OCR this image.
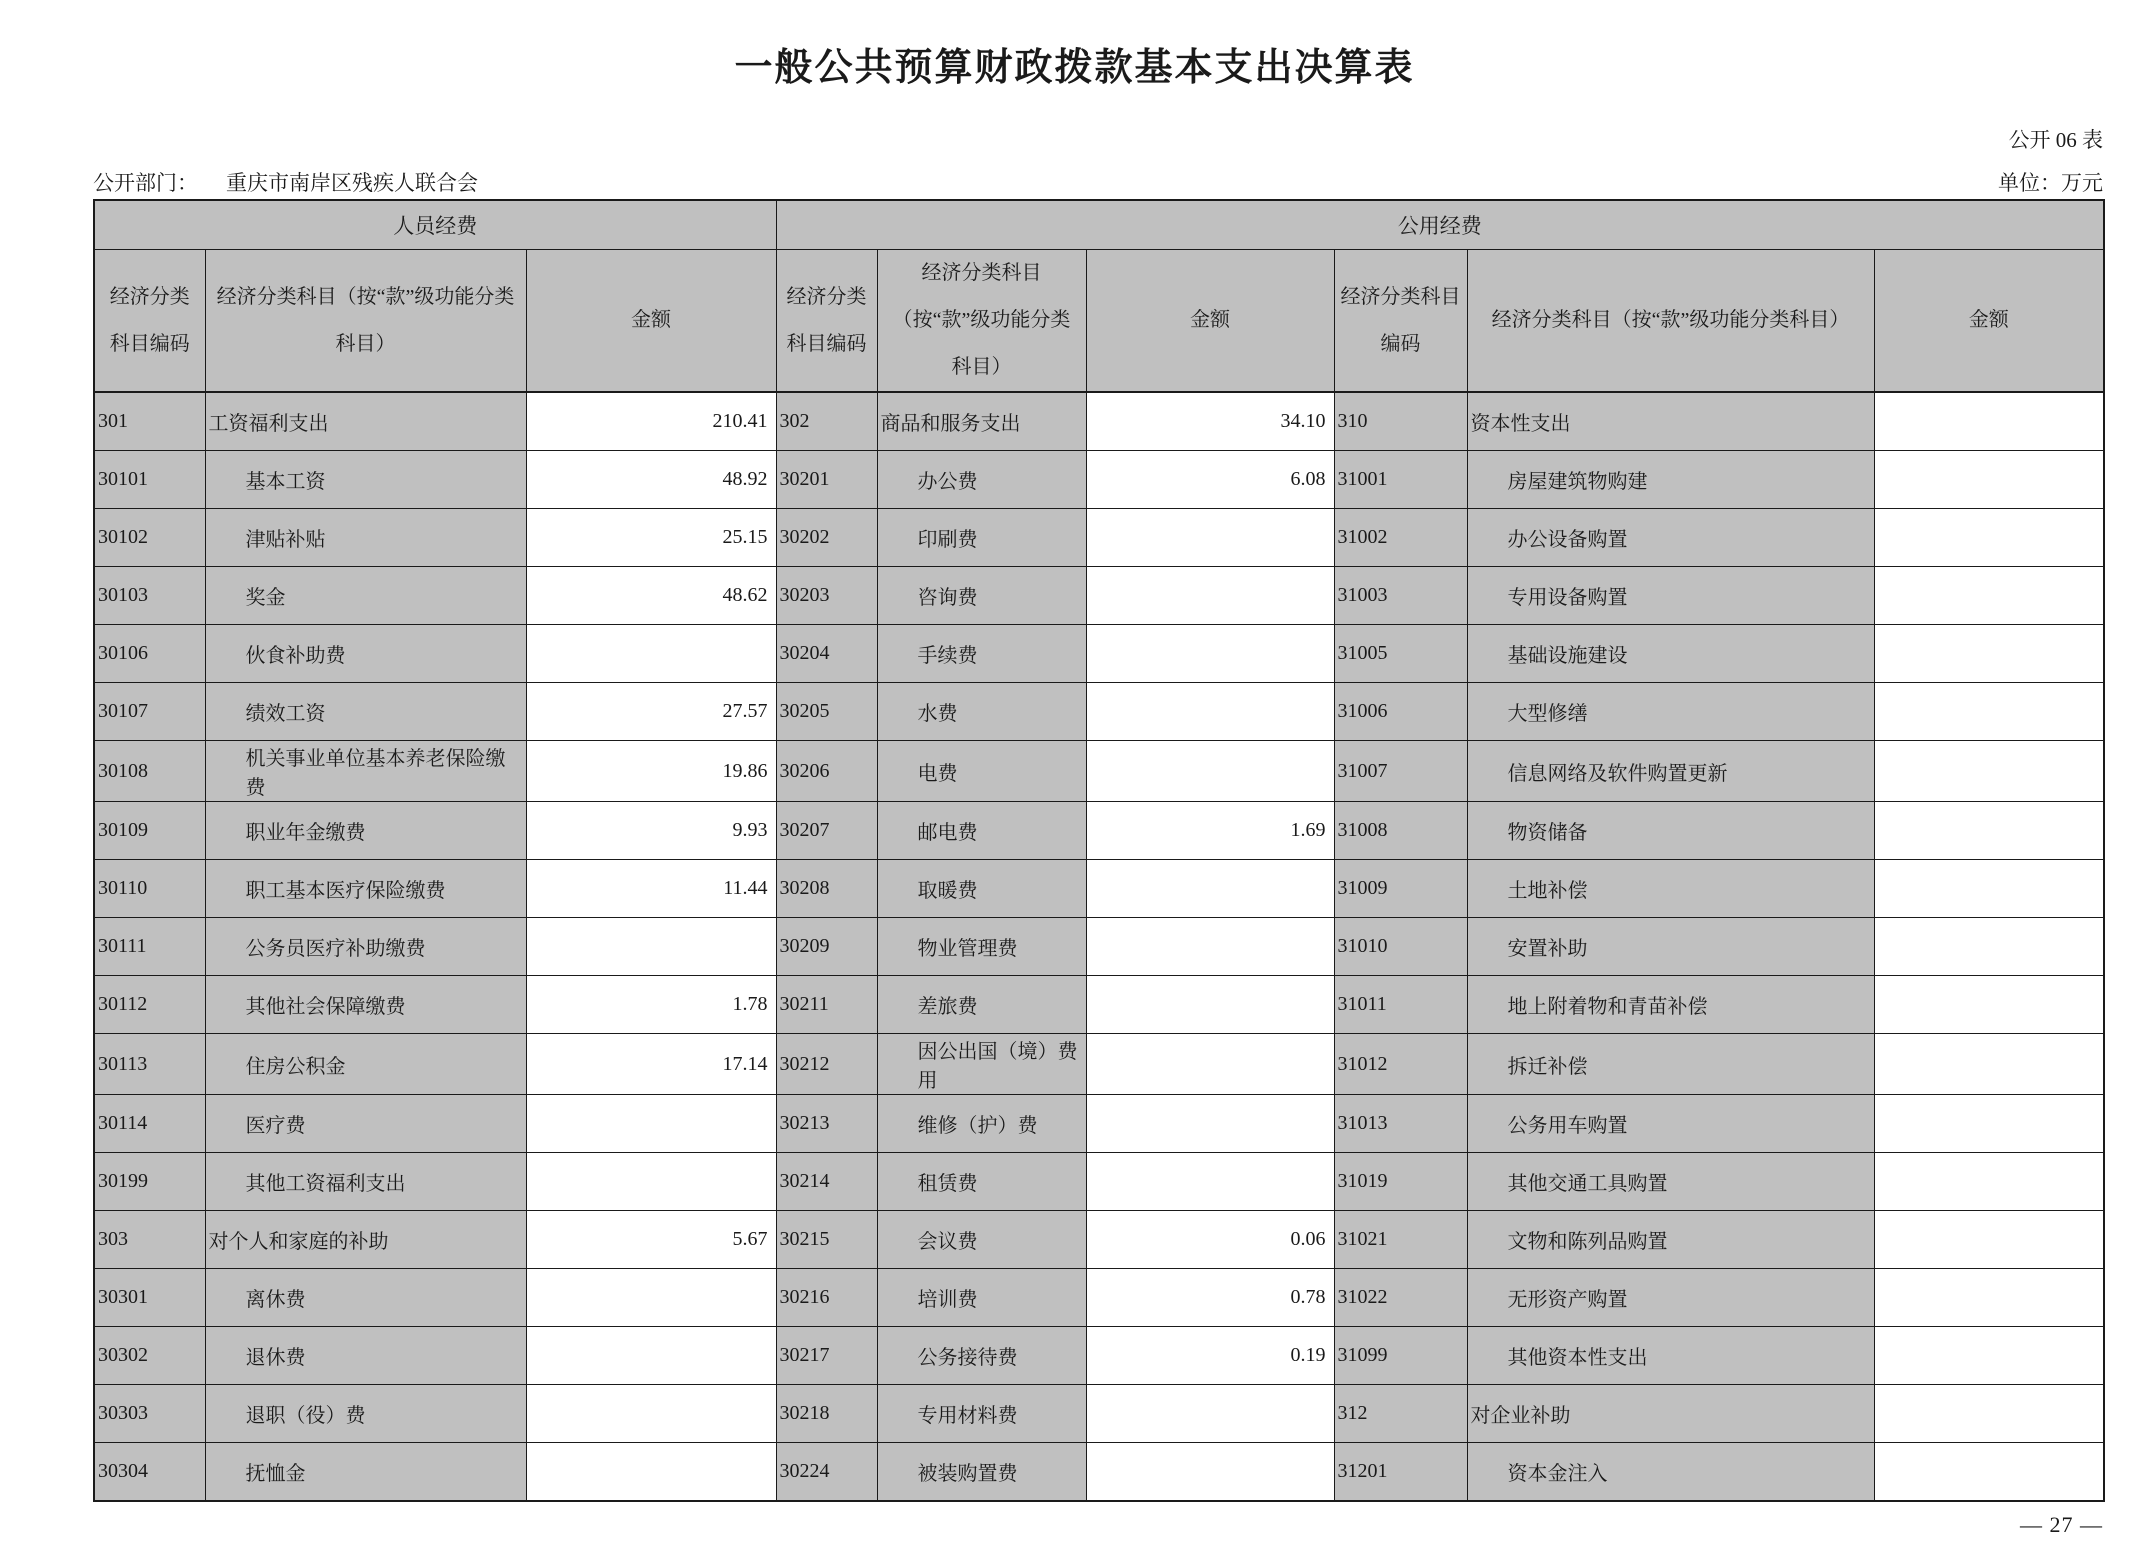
一般公共预算财政拨款基本支出决算表
公开 06 表
公开部门： 重庆市南岸区残疾人联合会	单位：万元
人员经费			公用经费					
经济分类科目编码	经济分类科目（按“款”级功能分类科目）	金额	经济分类科目编码	经济分类科目（按“款”级功能分类科目）	金额	经济分类科目编码	经济分类科目（按“款”级功能分类科目）	金额
301	工资福利支出	210.41	302	商品和服务支出	34.10	310	资本性支出	
30101	基本工资	48.92	30201	办公费	6.08	31001	房屋建筑物购建	
30102	津贴补贴	25.15	30202	印刷费		31002	办公设备购置	
30103	奖金	48.62	30203	咨询费		31003	专用设备购置	
30106	伙食补助费		30204	手续费		31005	基础设施建设	
30107	绩效工资	27.57	30205	水费		31006	大型修缮	
30108	机关事业单位基本养老保险缴费	19.86	30206	电费		31007	信息网络及软件购置更新	
30109	职业年金缴费	9.93	30207	邮电费	1.69	31008	物资储备	
30110	职工基本医疗保险缴费	11.44	30208	取暖费		31009	土地补偿	
30111	公务员医疗补助缴费		30209	物业管理费		31010	安置补助	
30112	其他社会保障缴费	1.78	30211	差旅费		31011	地上附着物和青苗补偿	
30113	住房公积金	17.14	30212	因公出国（境）费用		31012	拆迁补偿	
30114	医疗费		30213	维修（护）费		31013	公务用车购置	
30199	其他工资福利支出		30214	租赁费		31019	其他交通工具购置	
303	对个人和家庭的补助	5.67	30215	会议费	0.06	31021	文物和陈列品购置	
30301	离休费		30216	培训费	0.78	31022	无形资产购置	
30302	退休费		30217	公务接待费	0.19	31099	其他资本性支出	
30303	退职（役）费		30218	专用材料费		312	对企业补助	
30304	抚恤金		30224	被装购置费		31201	资本金注入	
— 27 —
